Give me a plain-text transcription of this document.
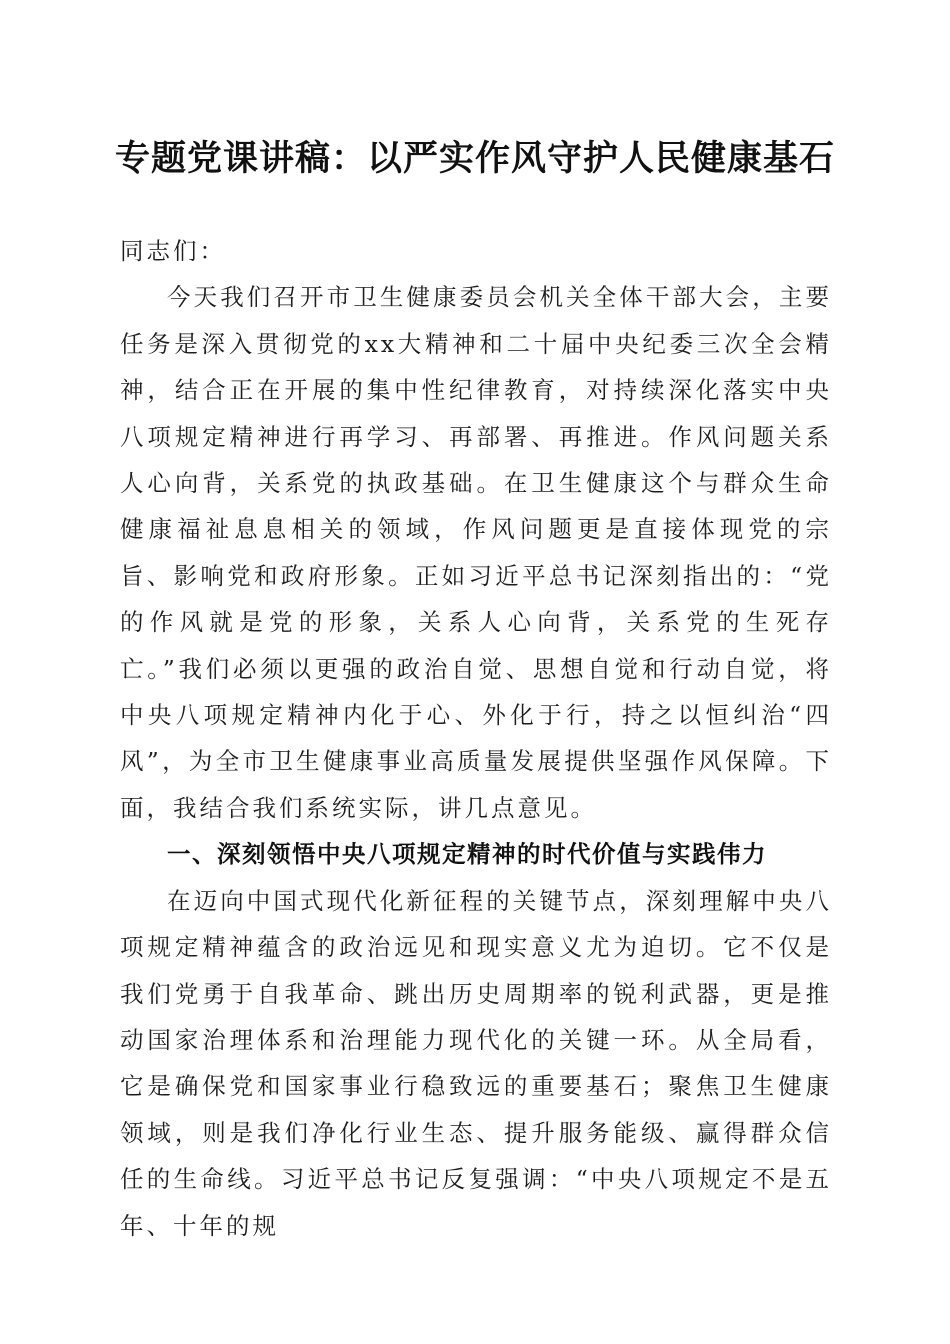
专题党课讲稿：以严实作风守护人民健康基石

同志们：

今天我们召开市卫生健康委员会机关全体干部大会，主要任务是深入贯彻党的xx大精神和二十届中央纪委三次全会精神，结合正在开展的集中性纪律教育，对持续深化落实中央八项规定精神进行再学习、再部署、再推进。作风问题关系人心向背，关系党的执政基础。在卫生健康这个与群众生命健康福祉息息相关的领域，作风问题更是直接体现党的宗旨、影响党和政府形象。正如习近平总书记深刻指出的：“党的作风就是党的形象，关系人心向背，关系党的生死存亡。”我们必须以更强的政治自觉、思想自觉和行动自觉，将中央八项规定精神内化于心、外化于行，持之以恒纠治“四风”，为全市卫生健康事业高质量发展提供坚强作风保障。下面，我结合我们系统实际，讲几点意见。

一、深刻领悟中央八项规定精神的时代价值与实践伟力

在迈向中国式现代化新征程的关键节点，深刻理解中央八项规定精神蕴含的政治远见和现实意义尤为迫切。它不仅是我们党勇于自我革命、跳出历史周期率的锐利武器，更是推动国家治理体系和治理能力现代化的关键一环。从全局看，它是确保党和国家事业行稳致远的重要基石；聚焦卫生健康领域，则是我们净化行业生态、提升服务能级、赢得群众信任的生命线。习近平总书记反复强调：“中央八项规定不是五年、十年的规
